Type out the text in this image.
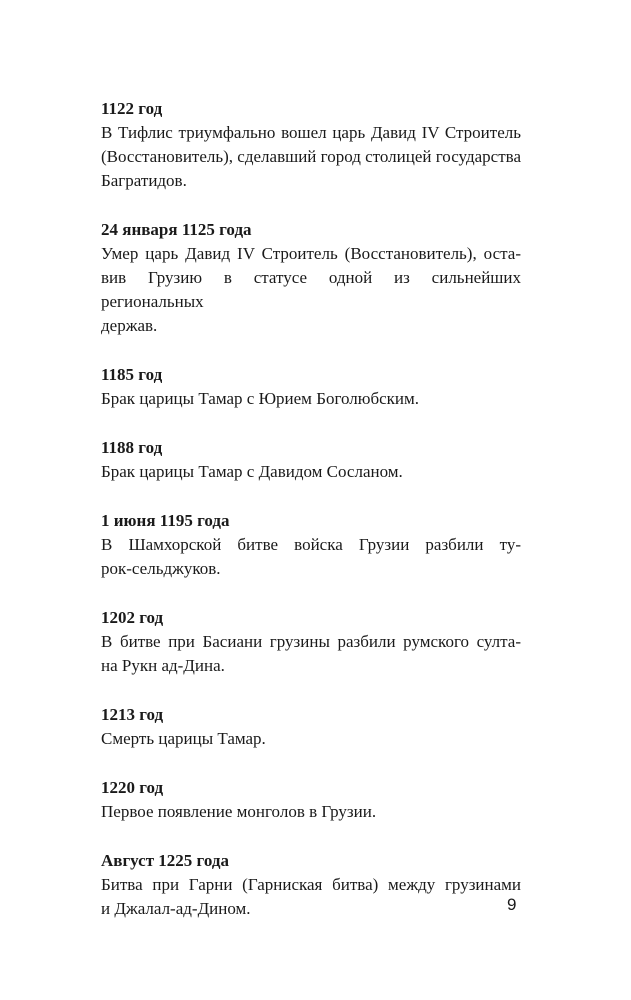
1122 год

В Тифлис триумфально вошел царь Давид IV Строитель
(Восстановитель), сделавший город столицей государства
Багратидов.

24 января 1125 года

Умер царь Давид IV Строитель (Восстановитель), оста-
вив Грузию в статусе одной из сильнейших региональных
держав.

1185 год

Брак царицы Тамар с Юрием Боголюбским.

1188 год

Брак царицы Тамар с Давидом Сосланом.

1 июня 1195 года

В Шамхорской битве войска Грузии разбили ту-
рок-сельджуков.

1202 год

В битве при Басиани грузины разбили румского султа-
на Рукн ад-Дина.

1213 год

Смерть царицы Тамар.

1220 год

Первое появление монголов в Грузии.

Август 1225 года

Битва при Гарни (Гарниская битва) между грузинами
и Джалал-ад-Дином.	9
